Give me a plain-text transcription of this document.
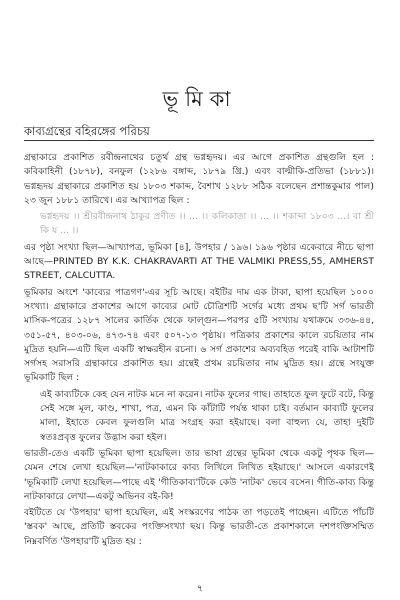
ভূমিকা
কাব্যগ্রন্থের বহিরঙ্গের পরিচয়

গ্রন্থাকারে প্রকাশিত রবীন্দ্রনাথের চতুর্থ গ্রন্থ ভগ্নহৃদয়। এর আগে প্রকাশিত গ্রন্থগুলি হল : কবিকাহিনী (১৮৭৮), বনফুল (১২৮৬ বঙ্গাব্দ, ১৮৭৯ খ্রি.) এবং বাল্মীকি-প্রতিভা (১৮৮১)। ভগ্নহৃদয় গ্রন্থাকারে প্রকাশিত হয় ১৮০৩ শকাব্দ, বৈশাখ ১২৮৮ সঠিক বলেছেন প্রশান্তকুমার পাল) ২৩ জুন ১৮৮১ তারিখে। এর আখ্যাপত্র ছিল :

ভগ্নহৃদয় ।। শ্রীরবীন্দ্রনাথ ঠাকুর প্রণীত ।। ... ।। কলিকাতা ।। ... ।। শকাব্দা ১৮০৩ ...। বা শ্রী কি য ... ।।

এর পৃষ্ঠা সংখ্যা ছিল—আখ্যাপত্র, ভূমিকা [৪], উপহার / ১৯৬। ১৯৬ পৃষ্ঠার একেবারে নীচে ছাপা আছে—PRINTED BY K.K. CHAKRAVARTI AT THE VALMIKI PRESS,55, AMHERST STREET, CALCUTTA.

ভূমিকার অংশে 'কাব্যের পাত্রগণ'-এর সূচি আছে। বইটির দাম এক টাকা, ছাপা হয়েছিল ১০০০ সংখ্যা। গ্রন্থাকারে প্রকাশের আগে কাব্যের মোট চৌত্রিশটি সর্গের মধ্যে প্রথম ছ'টি সর্গ ভারতী মাসিক-পত্রের ১২৮৭ সালের কার্তিক থেকে ফাল্গুন—পরপর ৫টি সংখ্যায় যথাক্রমে ৩৩৬-৪৪, ৩৫১-৫৭, ৪০৩-০৬, ৪৭৩-৭৪ এবং ৫০৭-১৩ পৃষ্ঠায়। পত্রিকার প্রকাশের কালে রচয়িতার নাম মুদ্রিত হয়নি—এটি ছিল একটি স্বাক্ষরহীন রচনা। ৬ সর্গ প্রকাশের অব্যবহিত পরেই বাকি আটাশটি সর্গসহ সরাসরি গ্রন্থাকারে প্রকাশিত হয়। গ্রন্থেই প্রথম রচয়িতার নাম মুদ্রিত হয়। গ্রন্থে সংযুক্ত ভূমিকাটি ছিল :

এই কাব্যটিকে কেহ যেন নাটক মনে না করেন। নাটক ফুলের গাছ। তাহাতে ফুল ফুটে বটে, কিন্তু সেই সঙ্গে মূল, কাণ্ড, শাখা, পত্র, এমন কি কাঁটাটি পর্যন্ত থাকা চাই। বর্তমান কাব্যটি ফুলের মালা, ইহাতে কেবল ফুলগুলি মাত্র সংগ্রহ করা হইয়াছে। বলা বাহুল্য যে, তাহা দুইটি স্বতঃপ্রবৃত্ত ফুলের উদ্ভাস করা হইল।

ভারতী-তেও একটি ভূমিকা ছাপা হয়েছিল। তার ভাষা গ্রন্থের ভূমিকা থেকে একটু পৃথক ছিল—যেমন শেষে লেখা হয়েছিল—'নাটকাকারে কাব্য লিখিলে লিখিত হইয়াছে।' আসলে একারণেই 'ভূমিকাটি লেখা হয়েছিল—পাছে এই 'গীতিকাব্য'টিকে কেউ 'নাটক' ভেবে বসেন। গীতি-কাব্য কিন্তু নাটকাকারে লেখা—একটু অভিনব বই-কি!

বইটিতে যে 'উপহার' ছাপা হয়েছিল, এই সংস্করণের পাঠক তা পড়তেই পাচ্ছেন। এটিতে পাঁচটি 'স্তবক' আছে, প্রতিটি স্তবকের পংক্তিসংখ্যা ছয়। কিন্তু ভারতী-তে প্রকাশকালে দশপংক্তিসম্মিত নিম্নবর্ণিত 'উপহার'টি মুদ্রিত হয় :

৭
